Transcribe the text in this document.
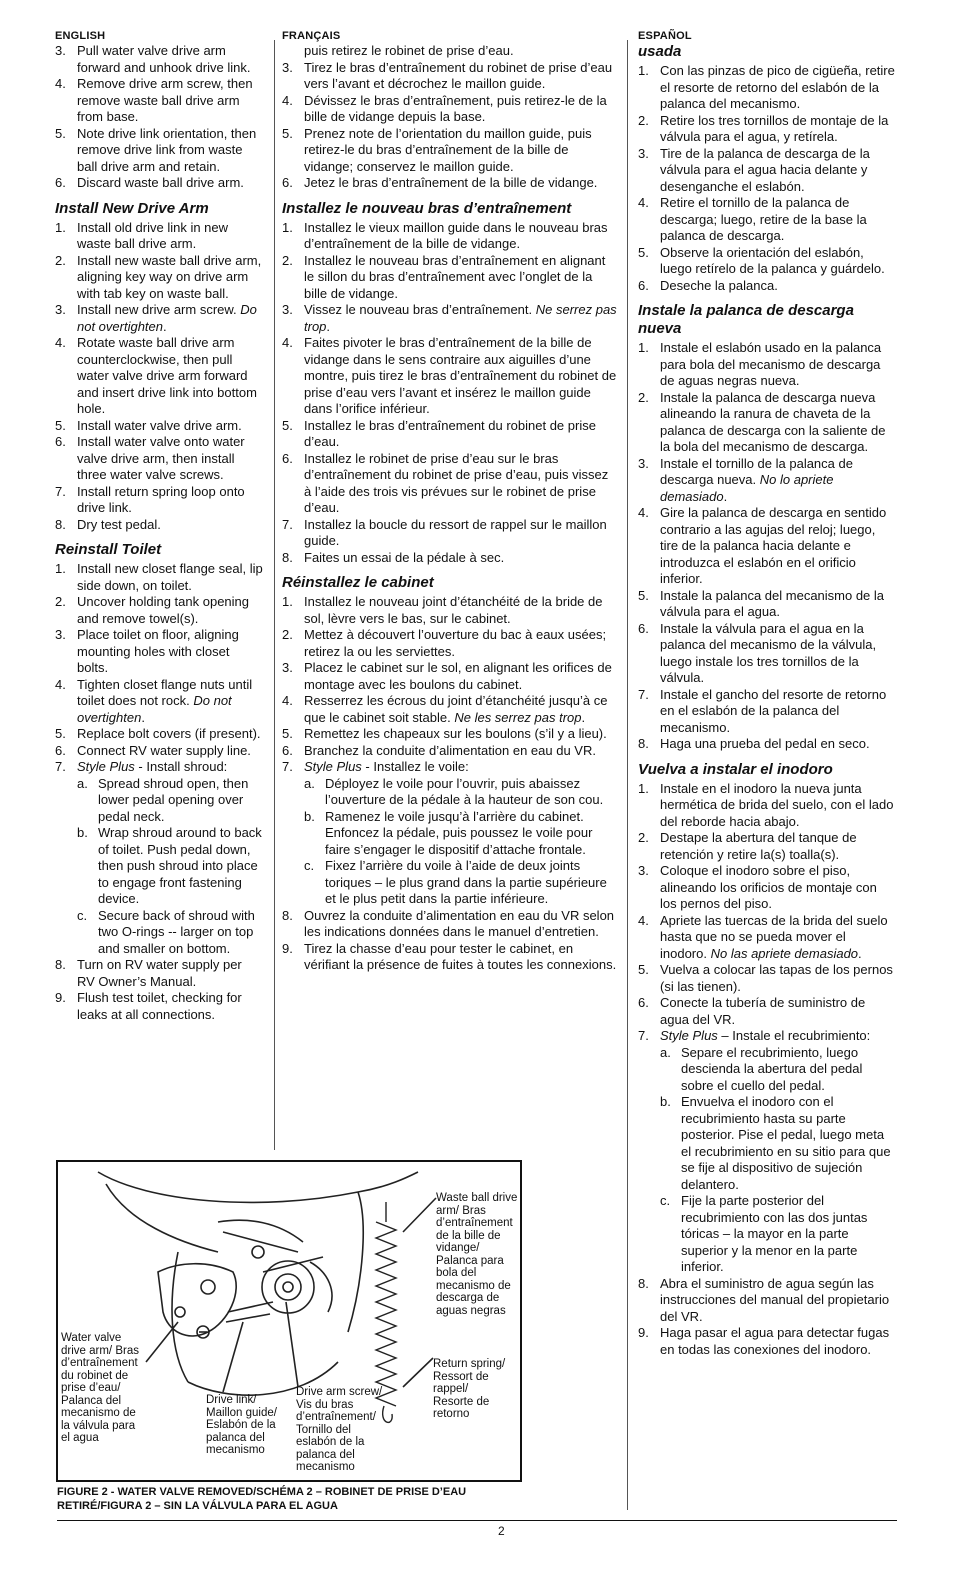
ENGLISH
3. Pull water valve drive arm forward and unhook drive link.
4. Remove drive arm screw, then remove waste ball drive arm from base.
5. Note drive link orientation, then remove drive link from waste ball drive arm and retain.
6. Discard waste ball drive arm.
Install New Drive Arm
1. Install old drive link in new waste ball drive arm.
2. Install new waste ball drive arm, aligning key way on drive arm with tab key on waste ball.
3. Install new drive arm screw. Do not overtighten.
4. Rotate waste ball drive arm counterclockwise, then pull water valve drive arm forward and insert drive link into bottom hole.
5. Install water valve drive arm.
6. Install water valve onto water valve drive arm, then install three water valve screws.
7. Install return spring loop onto drive link.
8. Dry test pedal.
Reinstall Toilet
1. Install new closet flange seal, lip side down, on toilet.
2. Uncover holding tank opening and remove towel(s).
3. Place toilet on floor, aligning mounting holes with closet bolts.
4. Tighten closet flange nuts until toilet does not rock. Do not overtighten.
5. Replace bolt covers (if present).
6. Connect RV water supply line.
7. Style Plus - Install shroud:
a. Spread shroud open, then lower pedal opening over pedal neck.
b. Wrap shroud around to back of toilet. Push pedal down, then push shroud into place to engage front fastening device.
c. Secure back of shroud with two O-rings -- larger on top and smaller on bottom.
8. Turn on RV water supply per RV Owner’s Manual.
9. Flush test toilet, checking for leaks at all connections.
FRANÇAIS
puis retirez le robinet de prise d’eau.
3. Tirez le bras d’entraînement du robinet de prise d’eau vers l’avant et décrochez le maillon guide.
4. Dévissez le bras d’entraînement, puis retirez-le de la bille de vidange depuis la base.
5. Prenez note de l’orientation du maillon guide, puis retirez-le du bras d’entraînement de la bille de vidange; conservez le maillon guide.
6. Jetez le bras d’entraînement de la bille de vidange.
Installez le nouveau bras d’entraînement
1. Installez le vieux maillon guide dans le nouveau bras d’entraînement de la bille de vidange.
2. Installez le nouveau bras d’entraînement en alignant le sillon du bras d’entraînement avec l’onglet de la bille de vidange.
3. Vissez le nouveau bras d’entraînement. Ne serrez pas trop.
4. Faites pivoter le bras d’entraînement de la bille de vidange dans le sens contraire aux aiguilles d’une montre, puis tirez le bras d’entraînement du robinet de prise d’eau vers l’avant et insérez le maillon guide dans l’orifice inférieur.
5. Installez le bras d’entraînement du robinet de prise d’eau.
6. Installez le robinet de prise d’eau sur le bras d’entraînement du robinet de prise d’eau, puis vissez à l’aide des trois vis prévues sur le robinet de prise d’eau.
7. Installez la boucle du ressort de rappel sur le maillon guide.
8. Faites un essai de la pédale à sec.
Réinstallez le cabinet
1. Installez le nouveau joint d’étanchéité de la bride de sol, lèvre vers le bas, sur le cabinet.
2. Mettez à découvert l’ouverture du bac à eaux usées; retirez la ou les serviettes.
3. Placez le cabinet sur le sol, en alignant les orifices de montage avec les boulons du cabinet.
4. Resserrez les écrous du joint d’étanchéité jusqu’à ce que le cabinet soit stable. Ne les serrez pas trop.
5. Remettez les chapeaux sur les boulons (s’il y a lieu).
6. Branchez la conduite d’alimentation en eau du VR.
7. Style Plus - Installez le voile:
a. Déployez le voile pour l’ouvrir, puis abaissez l’ouverture de la pédale à la hauteur de son cou.
b. Ramenez le voile jusqu’à l’arrière du cabinet. Enfoncez la pédale, puis poussez le voile pour faire s’engager le dispositif d’attache frontale.
c. Fixez l’arrière du voile à l’aide de deux joints toriques – le plus grand dans la partie supérieure et le plus petit dans la partie inférieure.
8. Ouvrez la conduite d’alimentation en eau du VR selon les indications données dans le manuel d’entretien.
9. Tirez la chasse d’eau pour tester le cabinet, en vérifiant la présence de fuites à toutes les connexions.
ESPAÑOL
usada
1. Con las pinzas de pico de cigüeña, retire el resorte de retorno del eslabón de la palanca del mecanismo.
2. Retire los tres tornillos de montaje de la válvula para el agua, y retírela.
3. Tire de la palanca de descarga de la válvula para el agua hacia delante y desenganche el eslabón.
4. Retire el tornillo de la palanca de descarga; luego, retire de la base la palanca de descarga.
5. Observe la orientación del eslabón, luego retírelo de la palanca y guárdelo.
6. Deseche la palanca.
Instale la palanca de descarga nueva
1. Instale el eslabón usado en la palanca para bola del mecanismo de descarga de aguas negras nueva.
2. Instale la palanca de descarga nueva alineando la ranura de chaveta de la palanca de descarga con la saliente de la bola del mecanismo de descarga.
3. Instale el tornillo de la palanca de descarga nueva. No lo apriete demasiado.
4. Gire la palanca de descarga en sentido contrario a las agujas del reloj; luego, tire de la palanca hacia delante e introduzca el eslabón en el orificio inferior.
5. Instale la palanca del mecanismo de la válvula para el agua.
6. Instale la válvula para el agua en la palanca del mecanismo de la válvula, luego instale los tres tornillos de la válvula.
7. Instale el gancho del resorte de retorno en el eslabón de la palanca del mecanismo.
8. Haga una prueba del pedal en seco.
Vuelva a instalar el inodoro
1. Instale en el inodoro la nueva junta hermética de brida del suelo, con el lado del reborde hacia abajo.
2. Destape la abertura del tanque de retención y retire la(s) toalla(s).
3. Coloque el inodoro sobre el piso, alineando los orificios de montaje con los pernos del piso.
4. Apriete las tuercas de la brida del suelo hasta que no se pueda mover el inodoro. No las apriete demasiado.
5. Vuelva a colocar las tapas de los pernos (si las tienen).
6. Conecte la tubería de suministro de agua del VR.
7. Style Plus – Instale el recubrimiento:
a. Separe el recubrimiento, luego descienda la abertura del pedal sobre el cuello del pedal.
b. Envuelva el inodoro con el recubrimiento hasta su parte posterior. Pise el pedal, luego meta el recubrimiento en su sitio para que se fije al dispositivo de sujeción delantero.
c. Fije la parte posterior del recubrimiento con las dos juntas tóricas – la mayor en la parte superior y la menor en la parte inferior.
8. Abra el suministro de agua según las instrucciones del manual del propietario del VR.
9. Haga pasar el agua para detectar fugas en todas las conexiones del inodoro.
Waste ball drive arm/ Bras d’entraînement de la bille de vidange/ Palanca para bola del mecanismo de descarga de aguas negras
Water valve drive arm/ Bras d’entraînement du robinet de prise d’eau/ Palanca del mecanismo de la válvula para el agua
Drive link/ Maillon guide/ Eslabón de la palanca del mecanismo
Drive arm screw/ Vis du bras d’entraînement/ Tornillo del eslabón de la palanca del mecanismo
Return spring/ Ressort de rappel/ Resorte de retorno
FIGURE 2 - WATER VALVE REMOVED/SCHÉMA 2 – ROBINET DE PRISE D’EAU RETIRÉ/FIGURA 2 – SIN LA VÁLVULA PARA EL AGUA
2
